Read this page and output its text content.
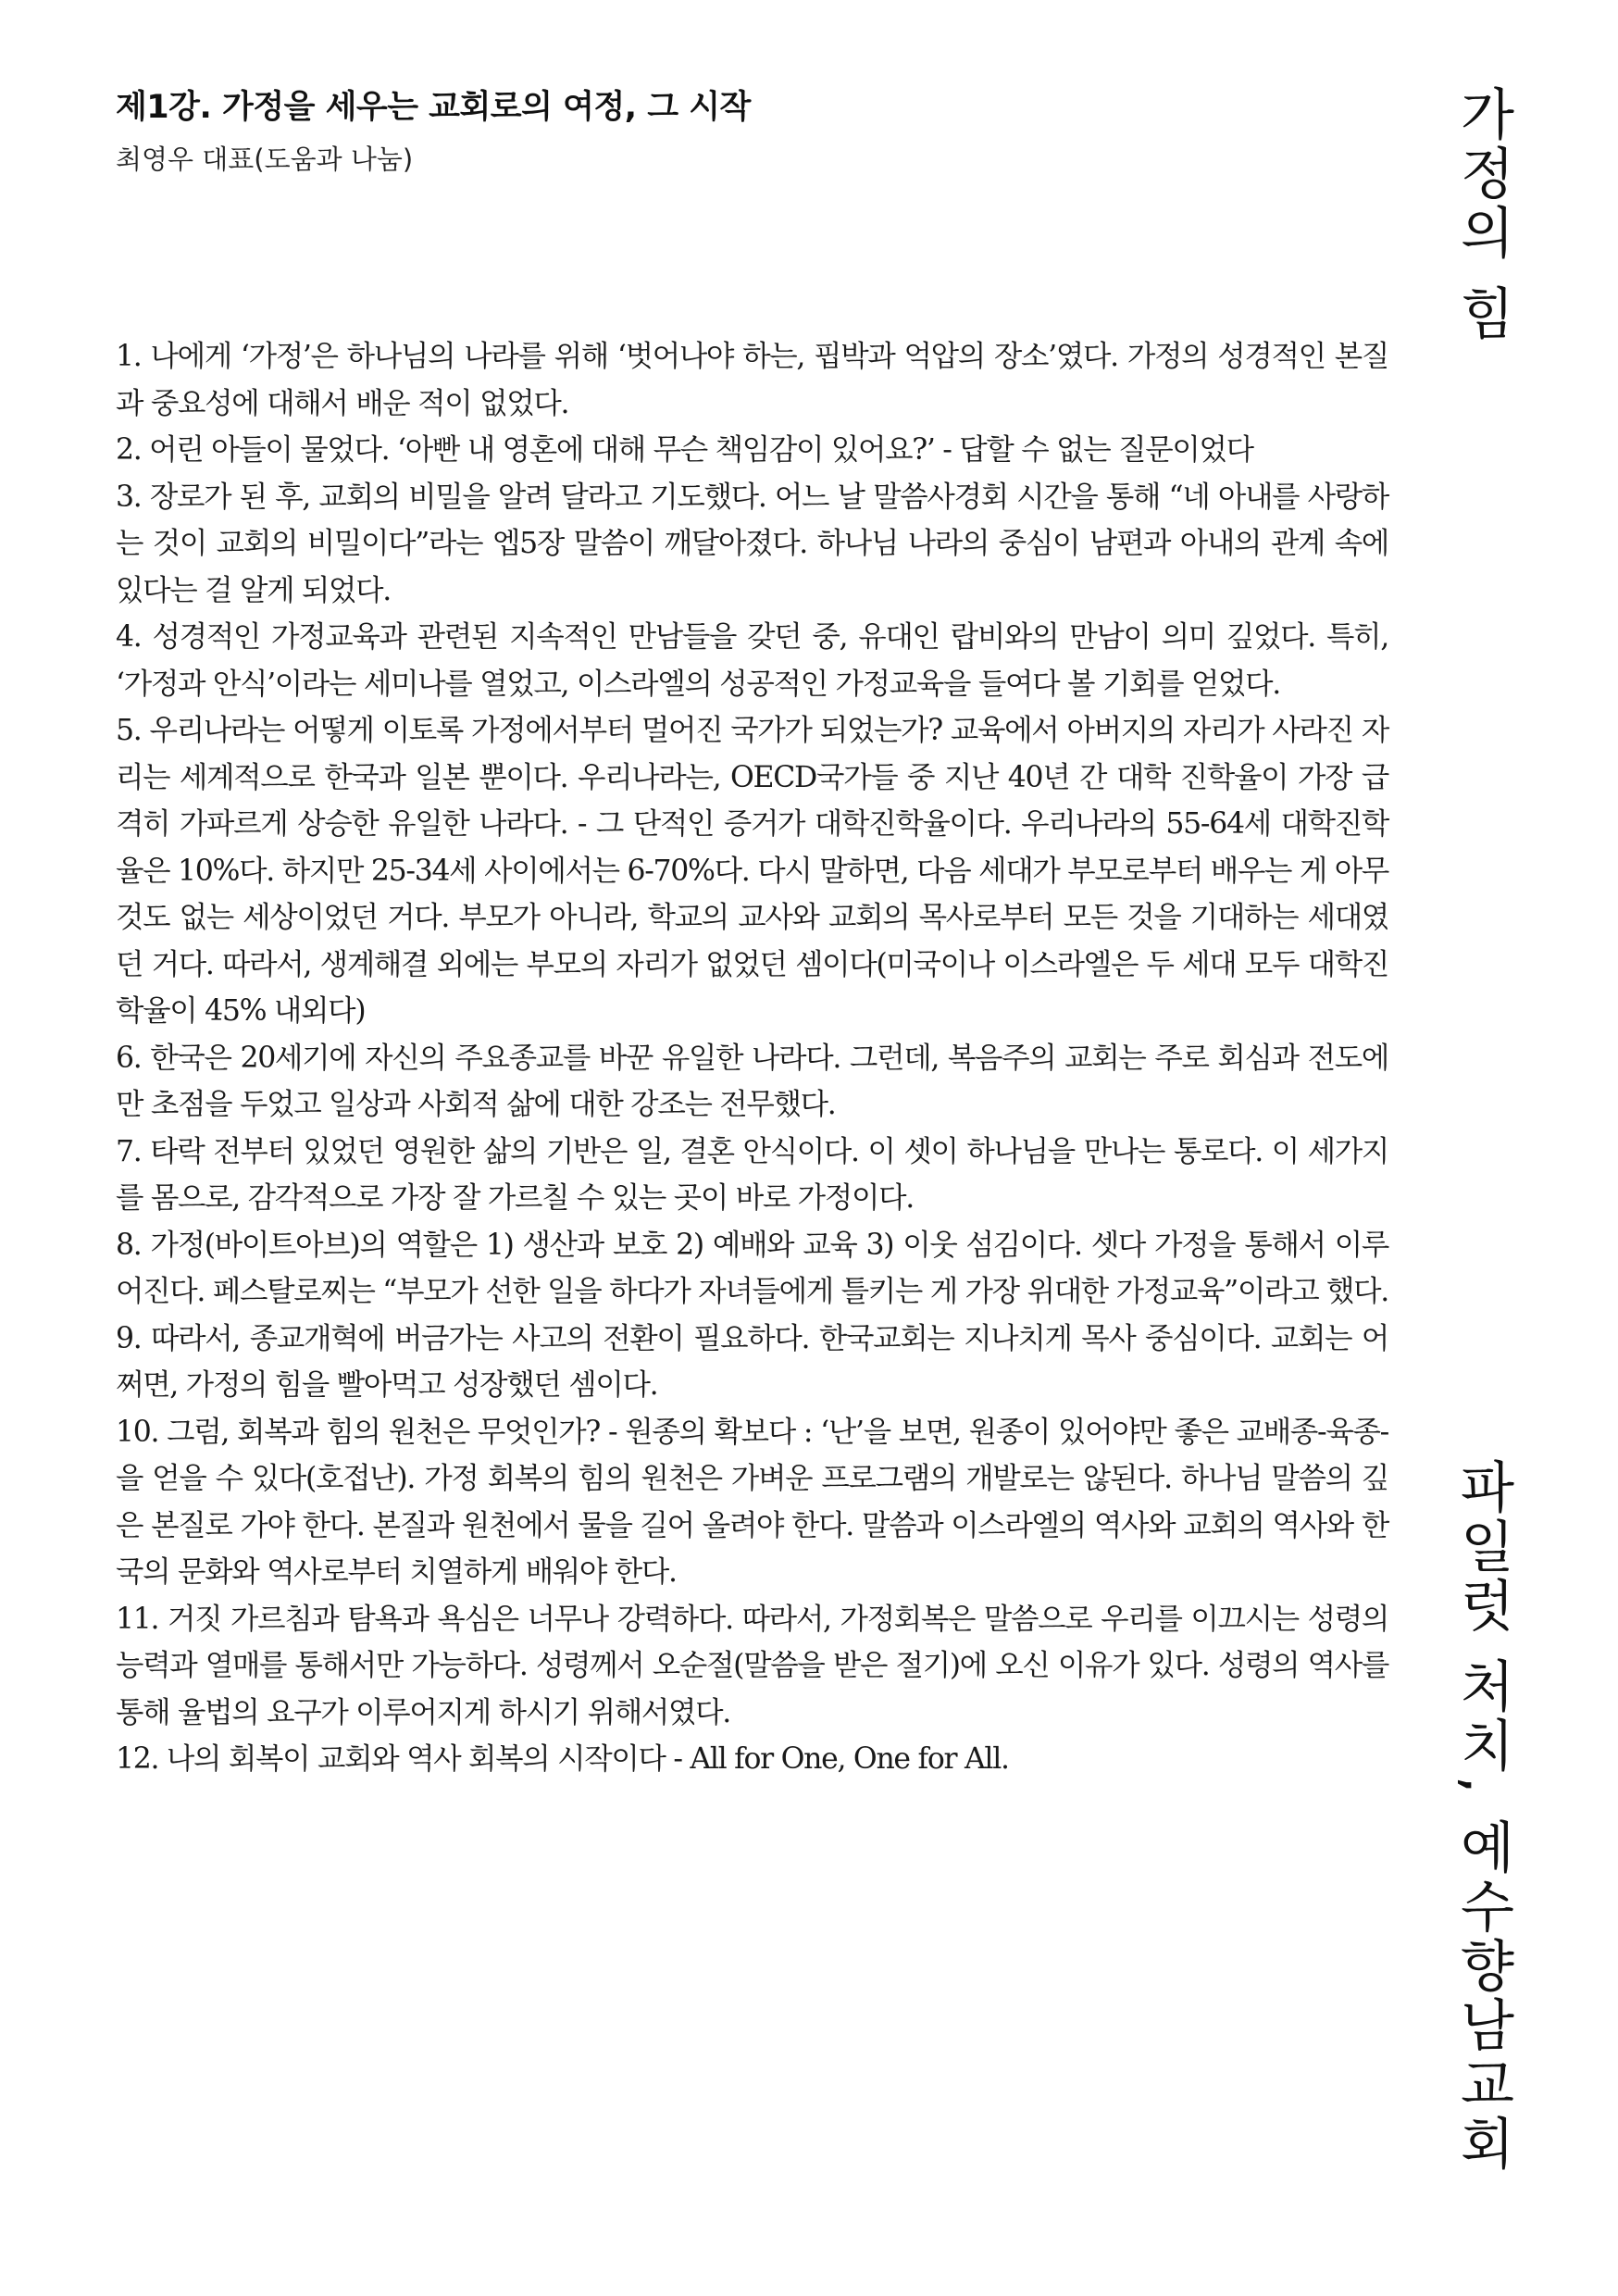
제1강. 가정을 세우는 교회로의 여정, 그 시작
최영우 대표(도움과 나눔)

1. 나에게 ‘가정’은 하나님의 나라를 위해 ‘벗어나야 하는, 핍박과 억압의 장소’였다. 가정의 성경적인 본질과 중요성에 대해서 배운 적이 없었다.

2. 어린 아들이 물었다. ‘아빤 내 영혼에 대해 무슨 책임감이 있어요?’ - 답할 수 없는 질문이었다

3. 장로가 된 후, 교회의 비밀을 알려 달라고 기도했다. 어느 날 말씀사경회 시간을 통해 “네 아내를 사랑하는 것이 교회의 비밀이다”라는 엡5장 말씀이 깨달아졌다. 하나님 나라의 중심이 남편과 아내의 관계 속에 있다는 걸 알게 되었다.

4. 성경적인 가정교육과 관련된 지속적인 만남들을 갖던 중, 유대인 랍비와의 만남이 의미 깊었다. 특히, ‘가정과 안식’이라는 세미나를 열었고, 이스라엘의 성공적인 가정교육을 들여다 볼 기회를 얻었다.

5. 우리나라는 어떻게 이토록 가정에서부터 멀어진 국가가 되었는가? 교육에서 아버지의 자리가 사라진 자리는 세계적으로 한국과 일본 뿐이다. 우리나라는, OECD국가들 중 지난 40년 간 대학 진학율이 가장 급격히 가파르게 상승한 유일한 나라다. - 그 단적인 증거가 대학진학율이다. 우리나라의 55-64세 대학진학율은 10%다. 하지만 25-34세 사이에서는 6-70%다. 다시 말하면, 다음 세대가 부모로부터 배우는 게 아무 것도 없는 세상이었던 거다. 부모가 아니라, 학교의 교사와 교회의 목사로부터 모든 것을 기대하는 세대였던 거다. 따라서, 생계해결 외에는 부모의 자리가 없었던 셈이다(미국이나 이스라엘은 두 세대 모두 대학진학율이 45% 내외다)

6. 한국은 20세기에 자신의 주요종교를 바꾼 유일한 나라다. 그런데, 복음주의 교회는 주로 회심과 전도에만 초점을 두었고 일상과 사회적 삶에 대한 강조는 전무했다.

7. 타락 전부터 있었던 영원한 삶의 기반은 일, 결혼 안식이다. 이 셋이 하나님을 만나는 통로다. 이 세가지를 몸으로, 감각적으로 가장 잘 가르칠 수 있는 곳이 바로 가정이다.

8. 가정(바이트아브)의 역할은 1) 생산과 보호 2) 예배와 교육 3) 이웃 섬김이다. 셋다 가정을 통해서 이루어진다. 페스탈로찌는 “부모가 선한 일을 하다가 자녀들에게 틀키는 게 가장 위대한 가정교육”이라고 했다.

9. 따라서, 종교개혁에 버금가는 사고의 전환이 필요하다. 한국교회는 지나치게 목사 중심이다. 교회는 어쩌면, 가정의 힘을 빨아먹고 성장했던 셈이다.

10. 그럼, 회복과 힘의 원천은 무엇인가? - 원종의 확보다 : ‘난’을 보면, 원종이 있어야만 좋은 교배종-육종-을 얻을 수 있다(호접난). 가정 회복의 힘의 원천은 가벼운 프로그램의 개발로는 않된다. 하나님 말씀의 깊은 본질로 가야 한다. 본질과 원천에서 물을 길어 올려야 한다. 말씀과 이스라엘의 역사와 교회의 역사와 한국의 문화와 역사로부터 치열하게 배워야 한다.

11. 거짓 가르침과 탐욕과 욕심은 너무나 강력하다. 따라서, 가정회복은 말씀으로 우리를 이끄시는 성령의 능력과 열매를 통해서만 가능하다. 성령께서 오순절(말씀을 받은 절기)에 오신 이유가 있다. 성령의 역사를 통해 율법의 요구가 이루어지게 하시기 위해서였다.

12. 나의 회복이 교회와 역사 회복의 시작이다 - All for One, One for All.

가정의 힘
파일럿 처치, 예수향남교회
